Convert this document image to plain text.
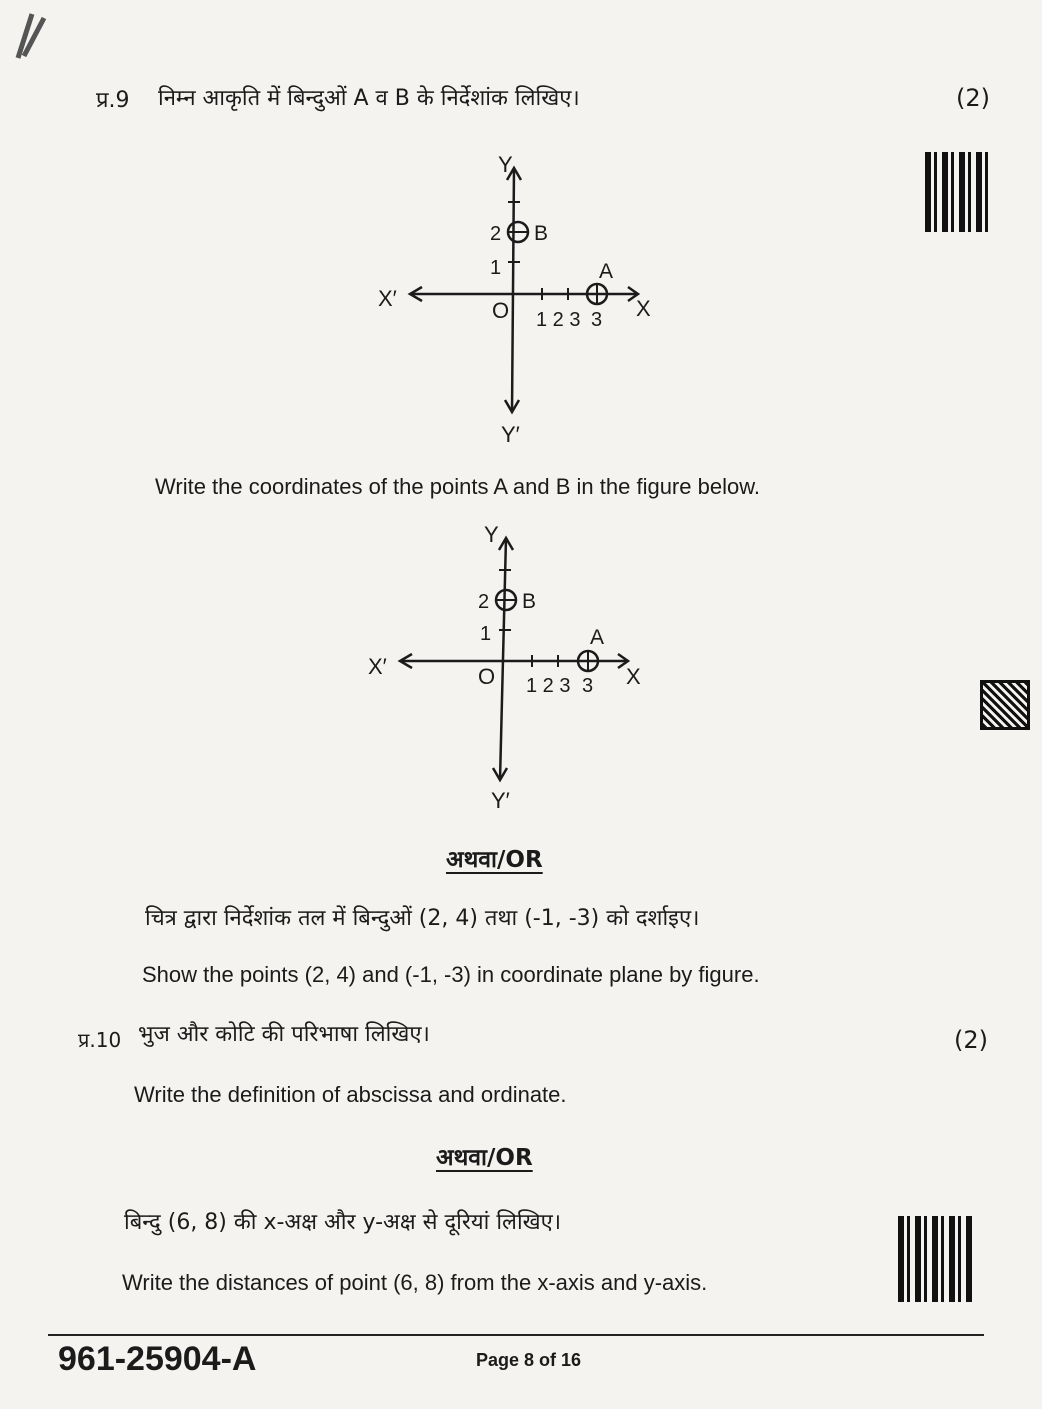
प्र.9 निम्न आकृति में बिन्दुओं A व B के निर्देशांक लिखिए।	(2)
Y
Y′
X′	X
O
1
2
1 2 3 3
B
A
Write the coordinates of the points A and B in the figure below.
Y
Y′
X′	X
O
1
2
1 2 3 3
B
A
अथवा/OR
चित्र द्वारा निर्देशांक तल में बिन्दुओं (2, 4) तथा (-1, -3) को दर्शाइए।
Show the points (2, 4) and (-1, -3) in coordinate plane by figure.
प्र.10 भुज और कोटि की परिभाषा लिखिए।	(2)
Write the definition of abscissa and ordinate.
अथवा/OR
बिन्दु (6, 8) की x-अक्ष और y-अक्ष से दूरियां लिखिए।
Write the distances of point (6, 8) from the x-axis and y-axis.
961-25904-A	Page 8 of 16
